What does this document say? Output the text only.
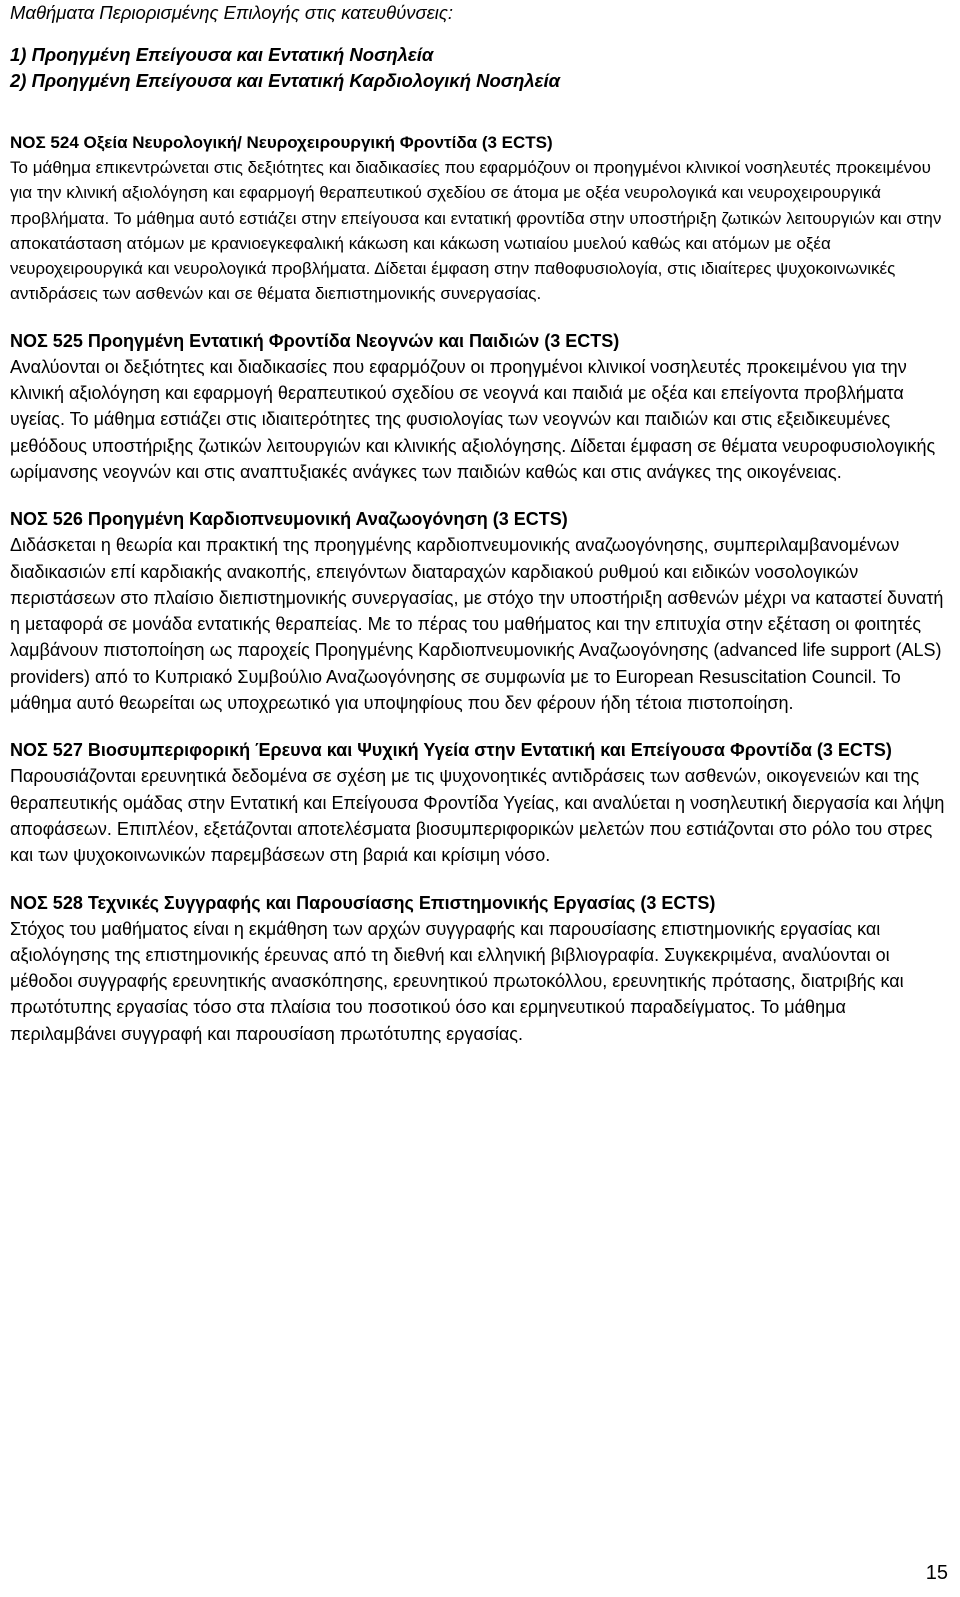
Μαθήματα Περιορισμένης Επιλογής στις κατευθύνσεις:

1) Προηγμένη Επείγουσα και Εντατική Νοσηλεία
2) Προηγμένη Επείγουσα και Εντατική Καρδιολογική Νοσηλεία

ΝΟΣ 524 Οξεία Νευρολογική/ Νευροχειρουργική Φροντίδα (3 ECTS)

Το μάθημα επικεντρώνεται στις δεξιότητες και διαδικασίες που εφαρμόζουν οι προηγμένοι κλινικοί νοσηλευτές προκειμένου για την κλινική αξιολόγηση και εφαρμογή θεραπευτικού σχεδίου σε άτομα με οξέα νευρολογικά και νευροχειρουργικά προβλήματα. Το μάθημα αυτό εστιάζει στην επείγουσα και εντατική φροντίδα στην υποστήριξη ζωτικών λειτουργιών και στην αποκατάσταση ατόμων με κρανιοεγκεφαλική κάκωση και κάκωση νωτιαίου μυελού καθώς και ατόμων με οξέα νευροχειρουργικά και νευρολογικά προβλήματα. Δίδεται έμφαση στην παθοφυσιολογία, στις ιδιαίτερες ψυχοκοινωνικές αντιδράσεις των ασθενών και σε θέματα διεπιστημονικής συνεργασίας.

ΝΟΣ 525 Προηγμένη Εντατική Φροντίδα Νεογνών και Παιδιών (3 ECTS)

Αναλύονται οι δεξιότητες και διαδικασίες που εφαρμόζουν οι προηγμένοι κλινικοί νοσηλευτές προκειμένου για την κλινική αξιολόγηση και εφαρμογή θεραπευτικού σχεδίου σε νεογνά και παιδιά με οξέα και επείγοντα προβλήματα υγείας. Το μάθημα εστιάζει στις ιδιαιτερότητες της φυσιολογίας των νεογνών και παιδιών και στις εξειδικευμένες μεθόδους υποστήριξης ζωτικών λειτουργιών και κλινικής αξιολόγησης. Δίδεται έμφαση σε θέματα νευροφυσιολογικής ωρίμανσης νεογνών και στις αναπτυξιακές ανάγκες των παιδιών καθώς και στις ανάγκες της οικογένειας.

ΝΟΣ 526 Προηγμένη Καρδιοπνευμονική Αναζωογόνηση (3 ECTS)

Διδάσκεται η θεωρία και πρακτική της προηγμένης καρδιοπνευμονικής αναζωογόνησης, συμπεριλαμβανομένων διαδικασιών επί καρδιακής ανακοπής, επειγόντων διαταραχών καρδιακού ρυθμού και ειδικών νοσολογικών περιστάσεων στο πλαίσιο διεπιστημονικής συνεργασίας, με στόχο την υποστήριξη ασθενών μέχρι να καταστεί δυνατή η μεταφορά σε μονάδα εντατικής θεραπείας. Με το πέρας του μαθήματος και την επιτυχία στην εξέταση οι φοιτητές λαμβάνουν πιστοποίηση ως παροχείς Προηγμένης Καρδιοπνευμονικής Αναζωογόνησης (advanced life support (ALS) providers) από το Κυπριακό Συμβούλιο Αναζωογόνησης σε συμφωνία με το European Resuscitation Council. Το μάθημα αυτό θεωρείται ως υποχρεωτικό για υποψηφίους που δεν φέρουν ήδη τέτοια πιστοποίηση.

ΝΟΣ 527 Βιοσυμπεριφορική Έρευνα και Ψυχική Υγεία στην Εντατική και Επείγουσα Φροντίδα (3 ECTS)

Παρουσιάζονται ερευνητικά δεδομένα σε σχέση με τις ψυχονοητικές αντιδράσεις των ασθενών, οικογενειών και της θεραπευτικής ομάδας στην Εντατική και Επείγουσα Φροντίδα Υγείας, και αναλύεται η νοσηλευτική διεργασία και λήψη αποφάσεων. Επιπλέον, εξετάζονται αποτελέσματα βιοσυμπεριφορικών μελετών που εστιάζονται στο ρόλο του στρες και των ψυχοκοινωνικών παρεμβάσεων στη βαριά και κρίσιμη νόσο.

ΝΟΣ 528 Τεχνικές Συγγραφής και Παρουσίασης Επιστημονικής Εργασίας (3 ECTS)

Στόχος του μαθήματος είναι η εκμάθηση των αρχών συγγραφής και παρουσίασης επιστημονικής εργασίας και αξιολόγησης της επιστημονικής έρευνας από τη διεθνή και ελληνική βιβλιογραφία. Συγκεκριμένα, αναλύονται οι μέθοδοι συγγραφής ερευνητικής ανασκόπησης, ερευνητικού πρωτοκόλλου, ερευνητικής πρότασης, διατριβής και πρωτότυπης εργασίας τόσο στα πλαίσια του ποσοτικού όσο και ερμηνευτικού παραδείγματος. Το μάθημα περιλαμβάνει συγγραφή και παρουσίαση πρωτότυπης εργασίας.

15
